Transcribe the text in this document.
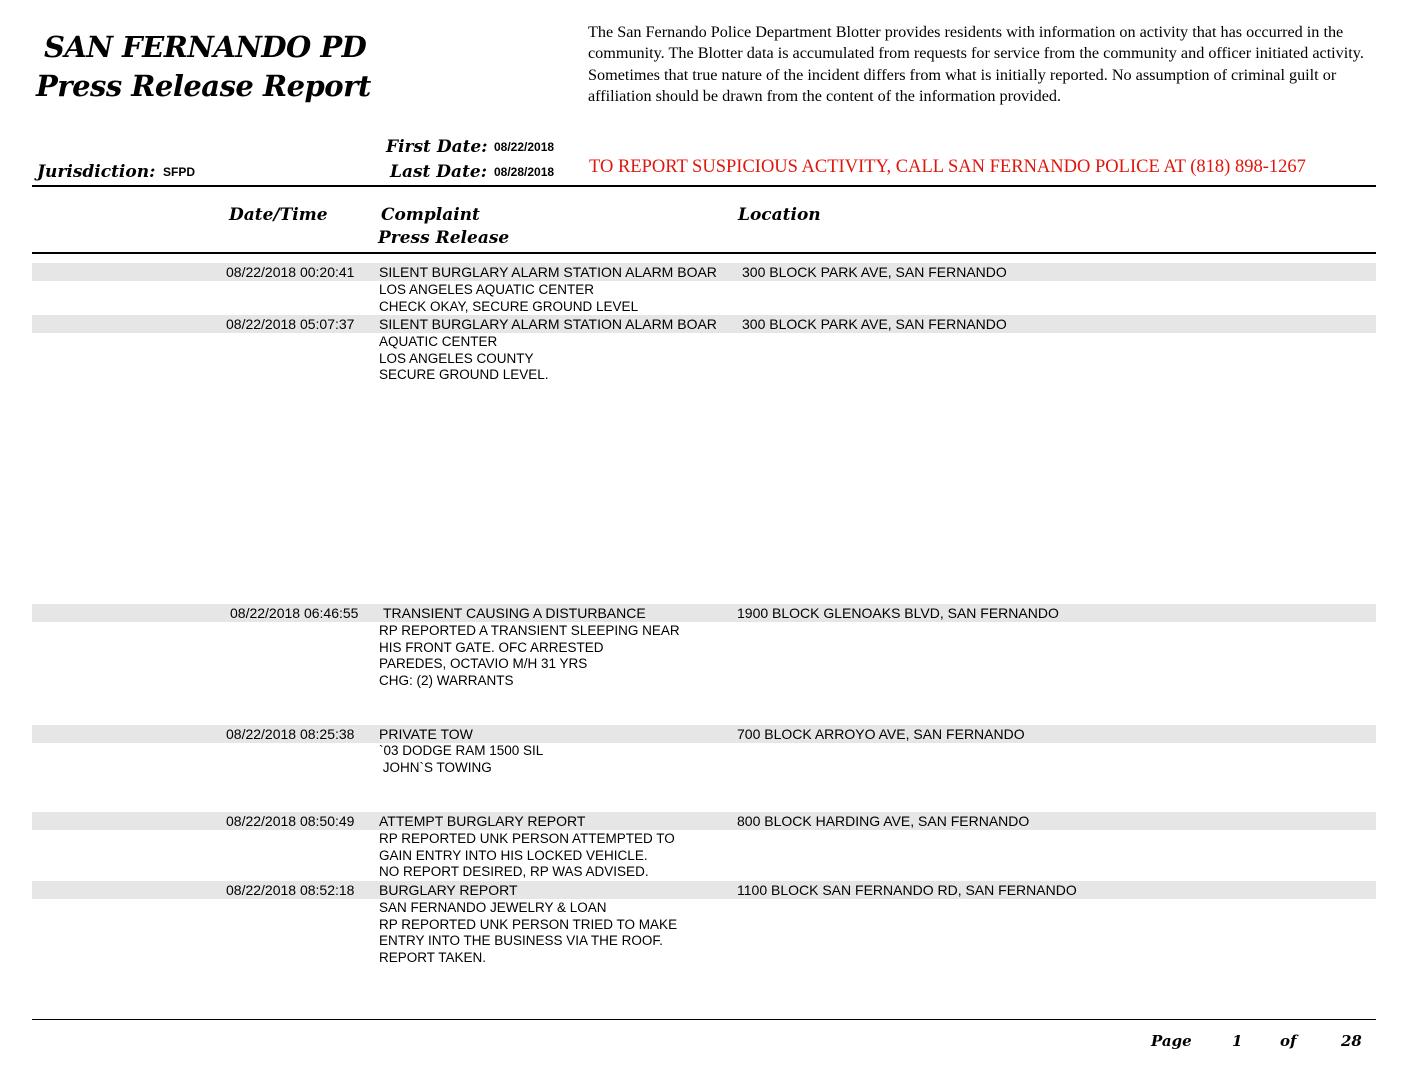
SAN FERNANDO PD
Press Release Report
The San Fernando Police Department Blotter provides residents with information on activity that has occurred in the community. The Blotter data is accumulated from requests for service from the community and officer initiated activity. Sometimes that true nature of the incident differs from what is initially reported. No assumption of criminal guilt or affiliation should be drawn from the content of the information provided.
First Date: 08/22/2018
Last Date: 08/28/2018
Jurisdiction: SFPD	TO REPORT SUSPICIOUS ACTIVITY, CALL SAN FERNANDO POLICE AT (818) 898-1267
Date/Time	Complaint
Press Release
Location
08/22/2018 00:20:41 SILENT BURGLARY ALARM STATION ALARM BOAR 300 BLOCK PARK AVE, SAN FERNANDO
LOS ANGELES AQUATIC CENTER
CHECK OKAY, SECURE GROUND LEVEL
08/22/2018 05:07:37 SILENT BURGLARY ALARM STATION ALARM BOAR 300 BLOCK PARK AVE, SAN FERNANDO
AQUATIC CENTER
LOS ANGELES COUNTY
SECURE GROUND LEVEL.
08/22/2018 06:46:55 TRANSIENT CAUSING A DISTURBANCE	1900 BLOCK GLENOAKS BLVD, SAN FERNANDO
RP REPORTED A TRANSIENT SLEEPING NEAR
HIS FRONT GATE. OFC ARRESTED
PAREDES, OCTAVIO M/H 31 YRS
CHG: (2) WARRANTS
08/22/2018 08:25:38 PRIVATE TOW	700 BLOCK ARROYO AVE, SAN FERNANDO
`03 DODGE RAM 1500 SIL
JOHN`S TOWING
08/22/2018 08:50:49 ATTEMPT BURGLARY REPORT	800 BLOCK HARDING AVE, SAN FERNANDO
RP REPORTED UNK PERSON ATTEMPTED TO
GAIN ENTRY INTO HIS LOCKED VEHICLE.
NO REPORT DESIRED, RP WAS ADVISED.
08/22/2018 08:52:18 BURGLARY REPORT	1100 BLOCK SAN FERNANDO RD, SAN FERNANDO
SAN FERNANDO JEWELRY & LOAN
RP REPORTED UNK PERSON TRIED TO MAKE
ENTRY INTO THE BUSINESS VIA THE ROOF.
REPORT TAKEN.
Page	1	of	28
